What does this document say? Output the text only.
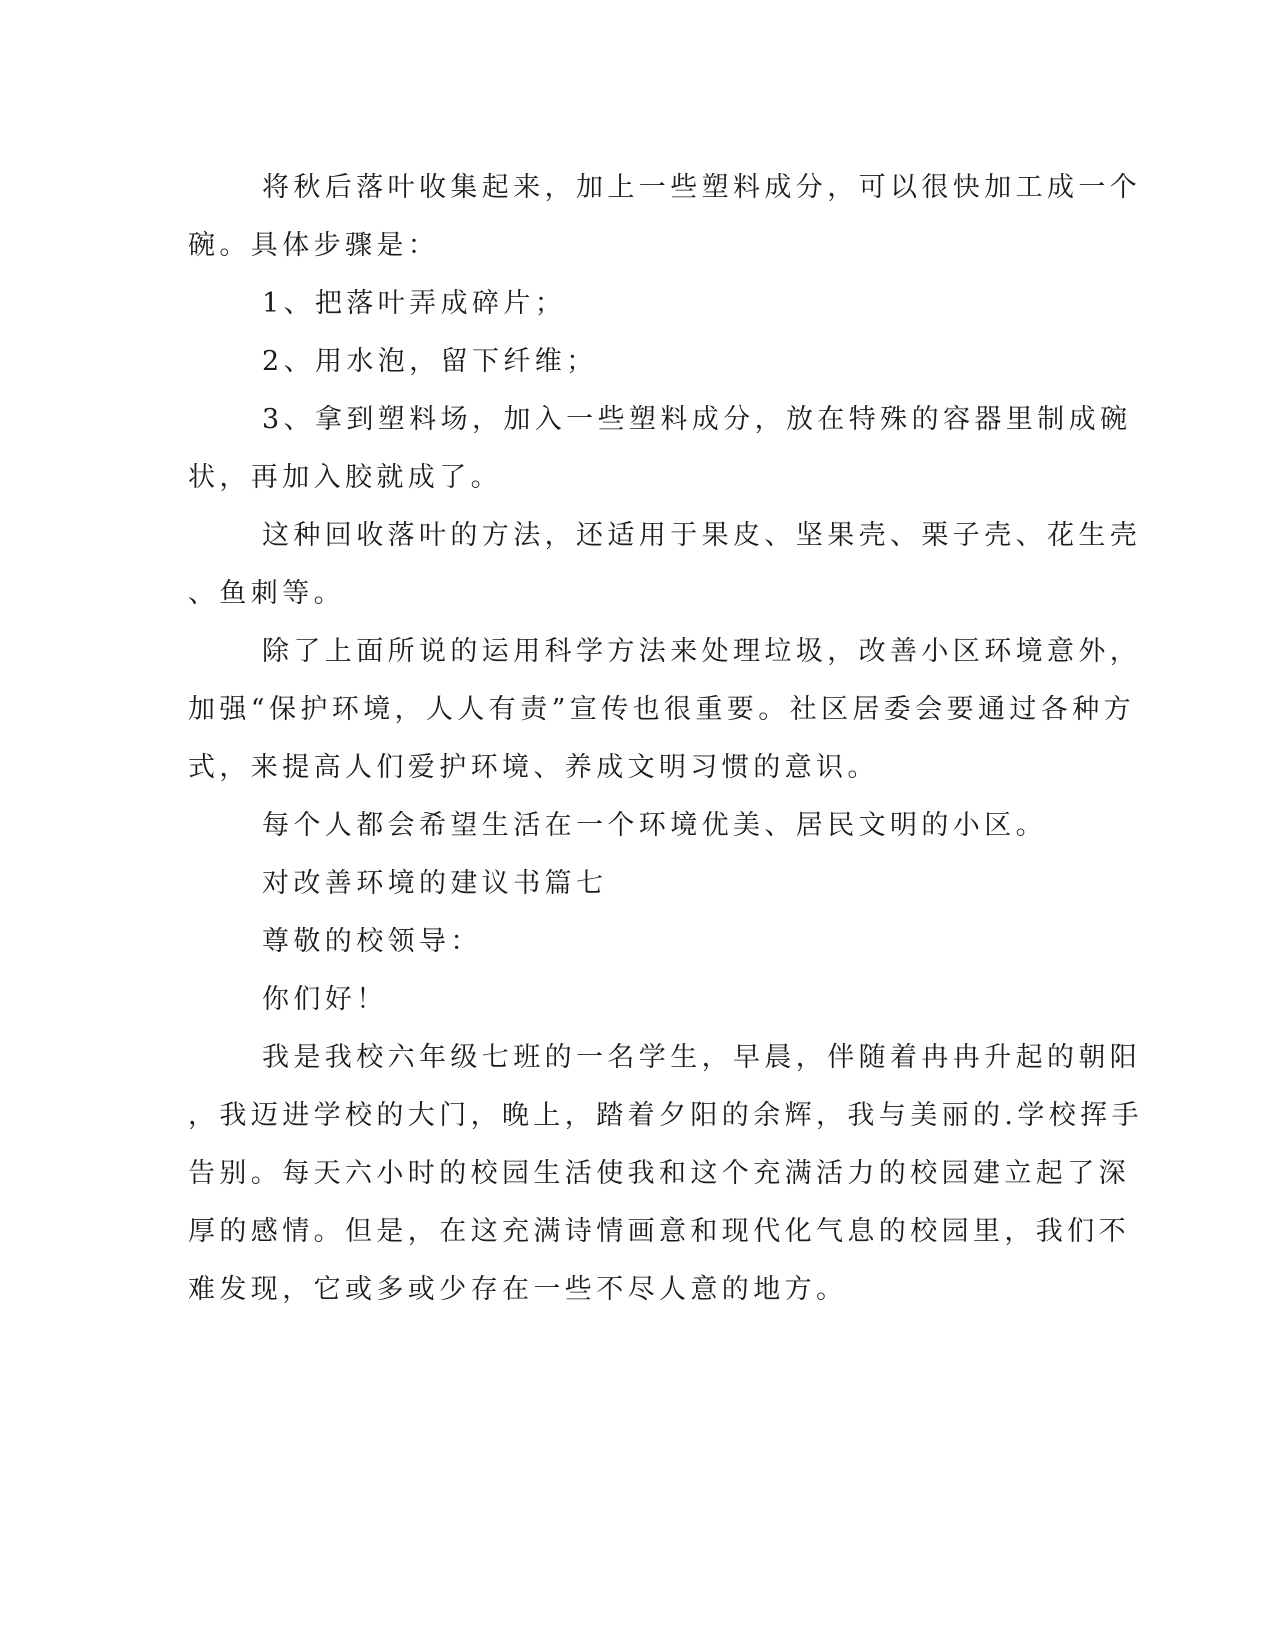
将秋后落叶收集起来，加上一些塑料成分，可以很快加工成一个
碗。具体步骤是：
1、把落叶弄成碎片；
2、用水泡，留下纤维；
3、拿到塑料场，加入一些塑料成分，放在特殊的容器里制成碗
状，再加入胶就成了。
这种回收落叶的方法，还适用于果皮、坚果壳、栗子壳、花生壳
、鱼刺等。
除了上面所说的运用科学方法来处理垃圾，改善小区环境意外，
加强“保护环境，人人有责”宣传也很重要。社区居委会要通过各种方
式，来提高人们爱护环境、养成文明习惯的意识。
每个人都会希望生活在一个环境优美、居民文明的小区。
对改善环境的建议书篇七
尊敬的校领导：
你们好！
我是我校六年级七班的一名学生，早晨，伴随着冉冉升起的朝阳
，我迈进学校的大门，晚上，踏着夕阳的余辉，我与美丽的.学校挥手
告别。每天六小时的校园生活使我和这个充满活力的校园建立起了深
厚的感情。但是，在这充满诗情画意和现代化气息的校园里，我们不
难发现，它或多或少存在一些不尽人意的地方。
